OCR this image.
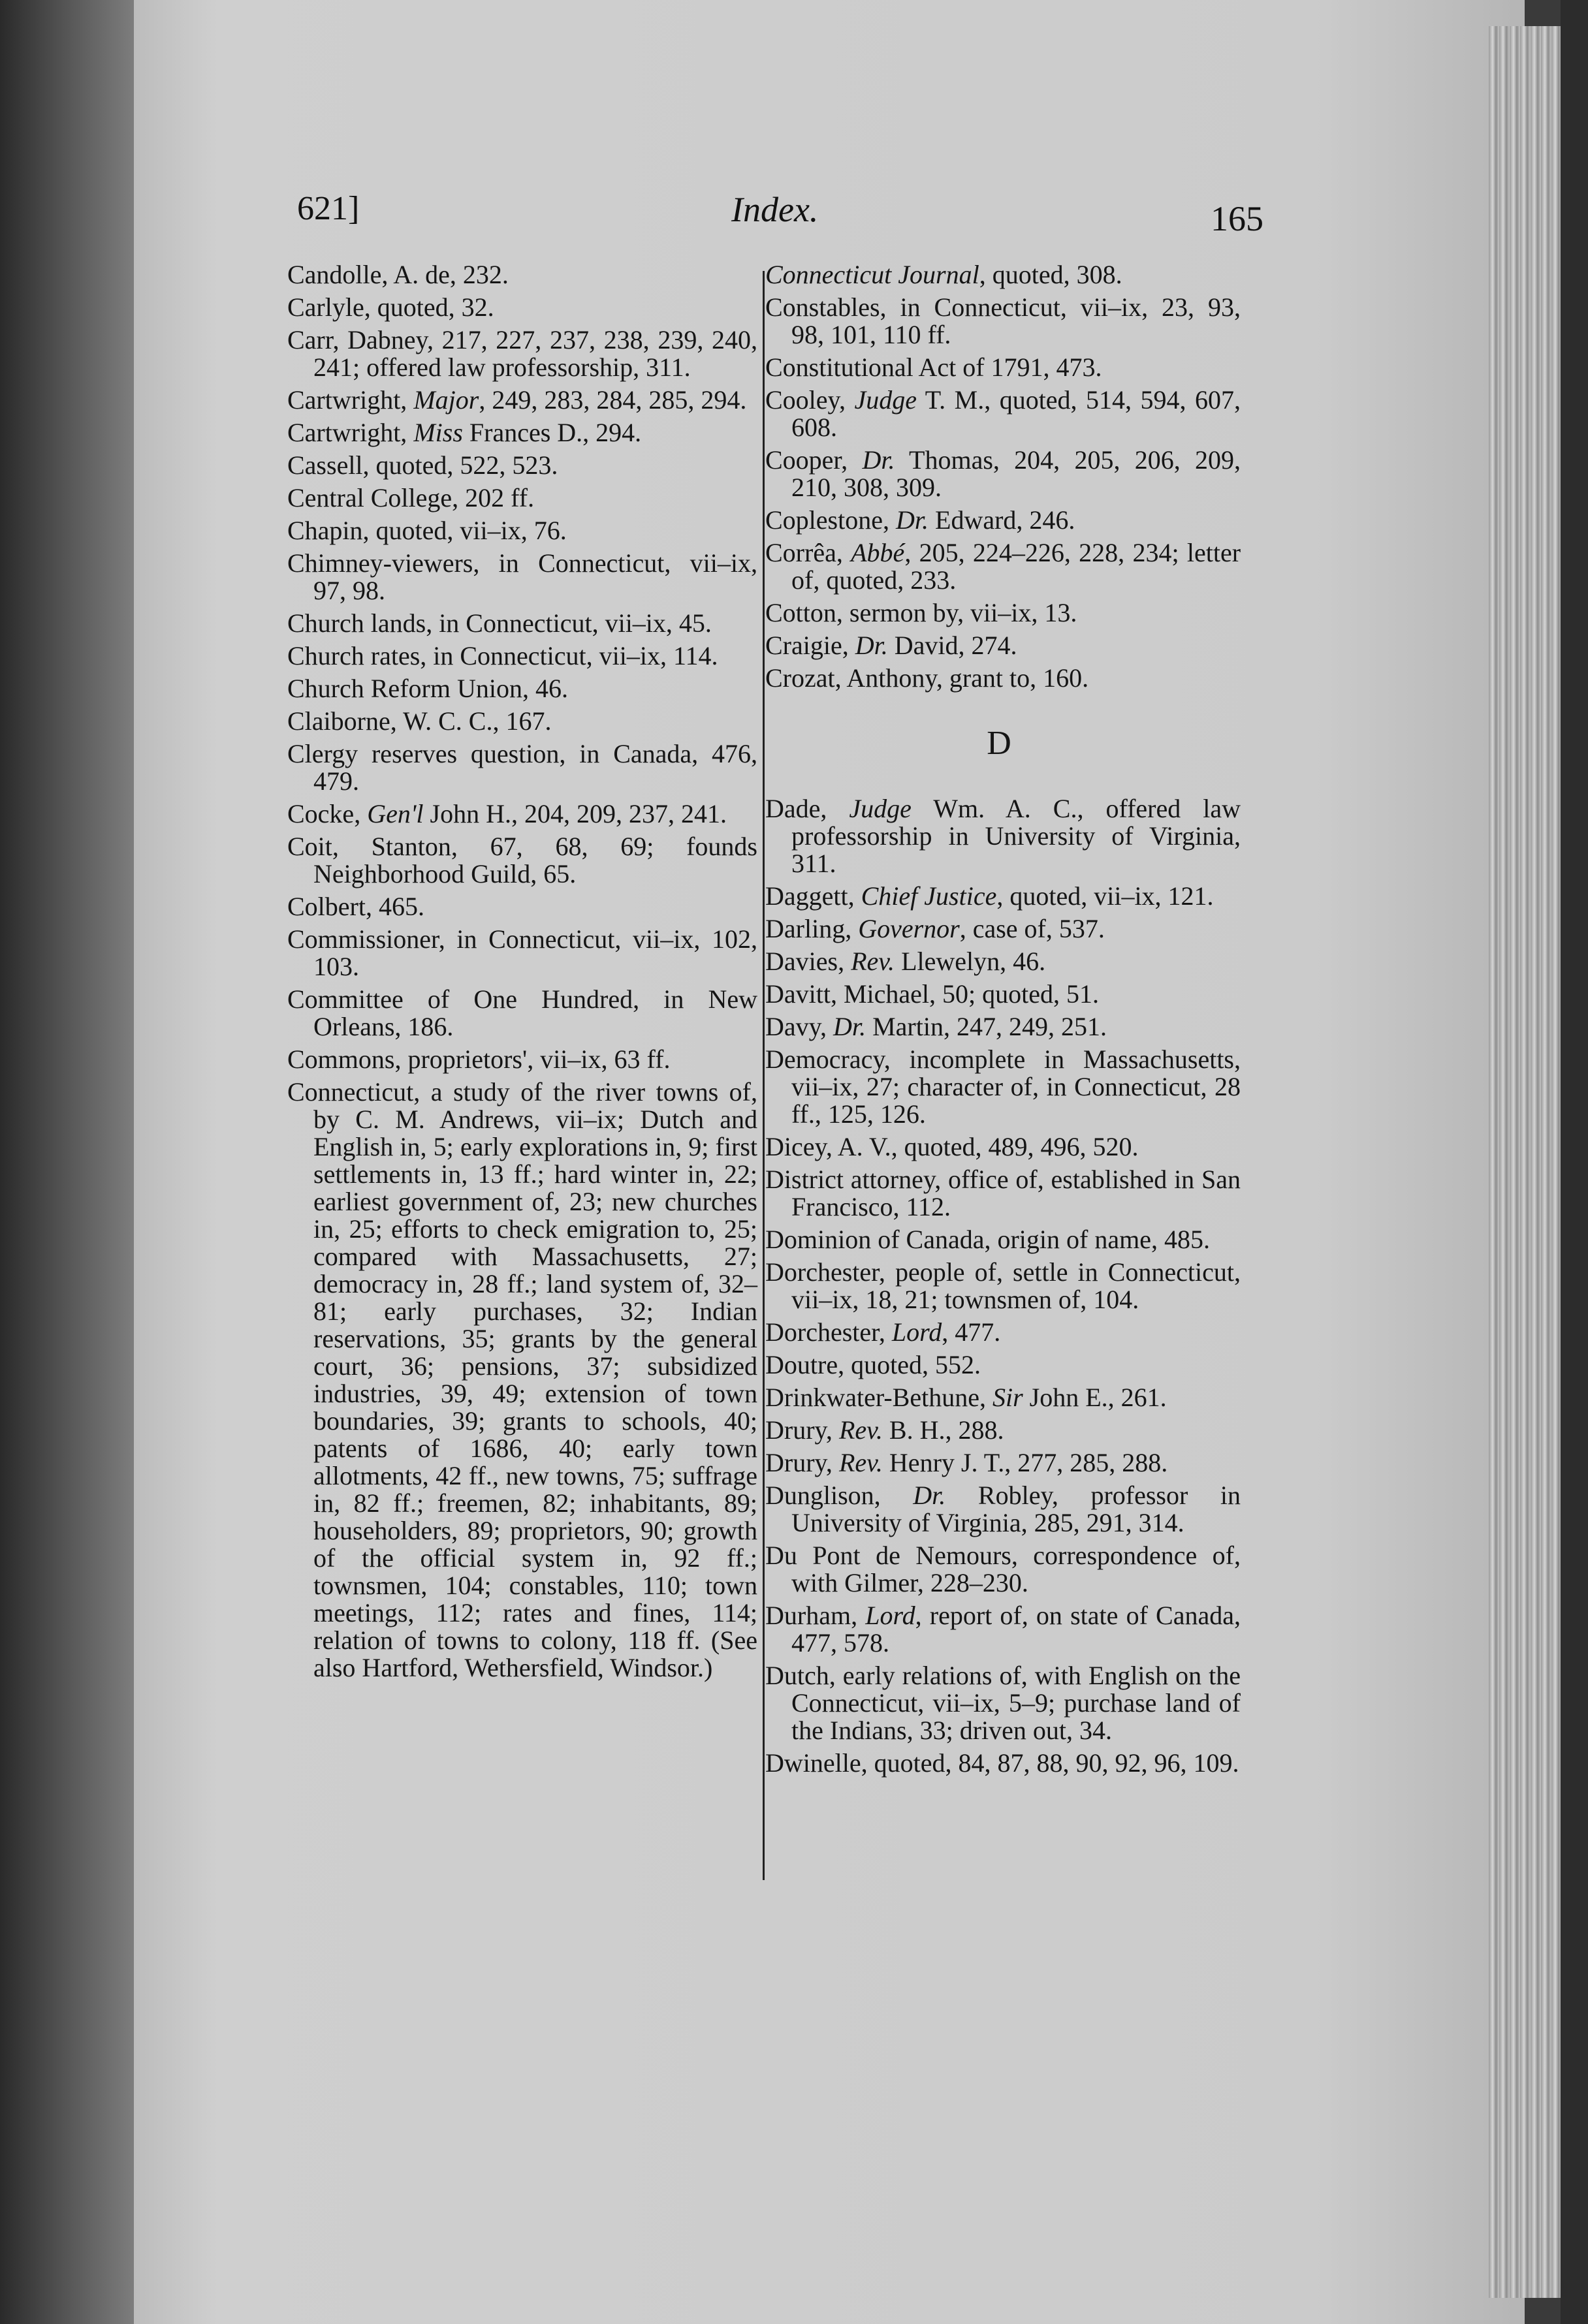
621]	Index.	165
Candolle, A. de, 232.
Carlyle, quoted, 32.
Carr, Dabney, 217, 227, 237, 238, 239, 240, 241; offered law professorship, 311.
Cartwright, Major, 249, 283, 284, 285, 294.
Cartwright, Miss Frances D., 294.
Cassell, quoted, 522, 523.
Central College, 202 ff.
Chapin, quoted, vii–ix, 76.
Chimney-viewers, in Connecticut, vii–ix, 97, 98.
Church lands, in Connecticut, vii–ix, 45.
Church rates, in Connecticut, vii–ix, 114.
Church Reform Union, 46.
Claiborne, W. C. C., 167.
Clergy reserves question, in Canada, 476, 479.
Cocke, Gen'l John H., 204, 209, 237, 241.
Coit, Stanton, 67, 68, 69; founds Neighborhood Guild, 65.
Colbert, 465.
Commissioner, in Connecticut, vii–ix, 102, 103.
Committee of One Hundred, in New Orleans, 186.
Commons, proprietors', vii–ix, 63 ff.
Connecticut, a study of the river towns of, by C. M. Andrews, vii–ix; Dutch and English in, 5; early explorations in, 9; first settlements in, 13 ff.; hard winter in, 22; earliest government of, 23; new churches in, 25; efforts to check emigration to, 25; compared with Massachusetts, 27; democracy in, 28 ff.; land system of, 32–81; early purchases, 32; Indian reservations, 35; grants by the general court, 36; pensions, 37; subsidized industries, 39, 49; extension of town boundaries, 39; grants to schools, 40; patents of 1686, 40; early town allotments, 42 ff., new towns, 75; suffrage in, 82 ff.; freemen, 82; inhabitants, 89; householders, 89; proprietors, 90; growth of the official system in, 92 ff.; townsmen, 104; constables, 110; town meetings, 112; rates and fines, 114; relation of towns to colony, 118 ff. (See also Hartford, Wethersfield, Windsor.)
Connecticut Journal, quoted, 308.
Constables, in Connecticut, vii–ix, 23, 93, 98, 101, 110 ff.
Constitutional Act of 1791, 473.
Cooley, Judge T. M., quoted, 514, 594, 607, 608.
Cooper, Dr. Thomas, 204, 205, 206, 209, 210, 308, 309.
Coplestone, Dr. Edward, 246.
Corrêa, Abbé, 205, 224–226, 228, 234; letter of, quoted, 233.
Cotton, sermon by, vii–ix, 13.
Craigie, Dr. David, 274.
Crozat, Anthony, grant to, 160.
D
Dade, Judge Wm. A. C., offered law professorship in University of Virginia, 311.
Daggett, Chief Justice, quoted, vii–ix, 121.
Darling, Governor, case of, 537.
Davies, Rev. Llewelyn, 46.
Davitt, Michael, 50; quoted, 51.
Davy, Dr. Martin, 247, 249, 251.
Democracy, incomplete in Massachusetts, vii–ix, 27; character of, in Connecticut, 28 ff., 125, 126.
Dicey, A. V., quoted, 489, 496, 520.
District attorney, office of, established in San Francisco, 112.
Dominion of Canada, origin of name, 485.
Dorchester, people of, settle in Connecticut, vii–ix, 18, 21; townsmen of, 104.
Dorchester, Lord, 477.
Doutre, quoted, 552.
Drinkwater-Bethune, Sir John E., 261.
Drury, Rev. B. H., 288.
Drury, Rev. Henry J. T., 277, 285, 288.
Dunglison, Dr. Robley, professor in University of Virginia, 285, 291, 314.
Du Pont de Nemours, correspondence of, with Gilmer, 228–230.
Durham, Lord, report of, on state of Canada, 477, 578.
Dutch, early relations of, with English on the Connecticut, vii–ix, 5–9; purchase land of the Indians, 33; driven out, 34.
Dwinelle, quoted, 84, 87, 88, 90, 92, 96, 109.
